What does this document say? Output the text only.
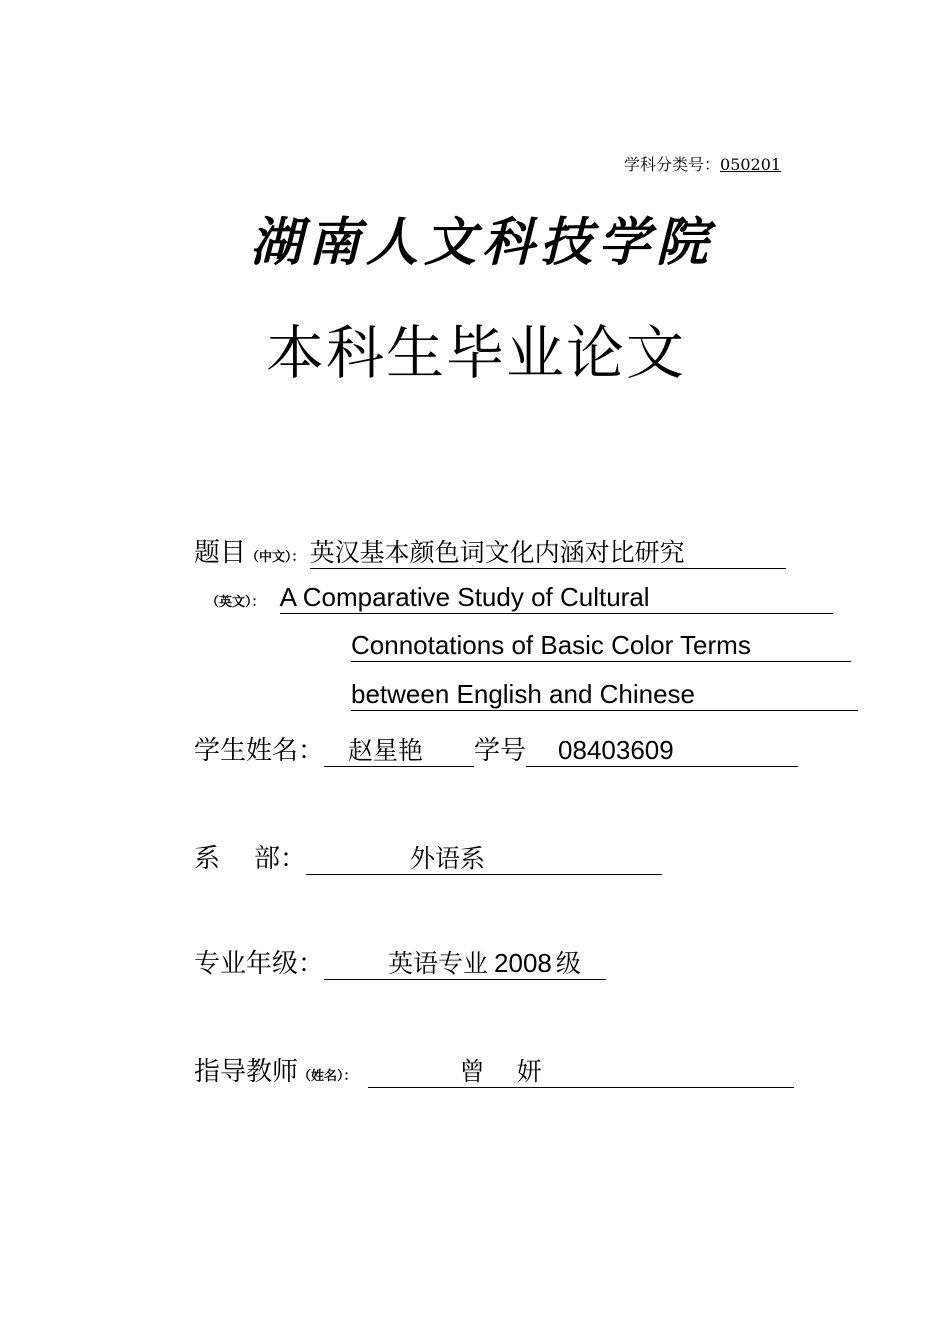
学科分类号：050201
湖南人文科技学院
本科生毕业论文
题目（中文）： 英汉基本颜色词文化内涵对比研究
（英文）： A Comparative Study of Cultural
Connotations of Basic Color Terms
between English and Chinese
学生姓名： 赵星艳 学号 08403609
系 部：	外语系
专业年级：	英语专业 2008 级
指导教师（姓名）：	曾 妍
